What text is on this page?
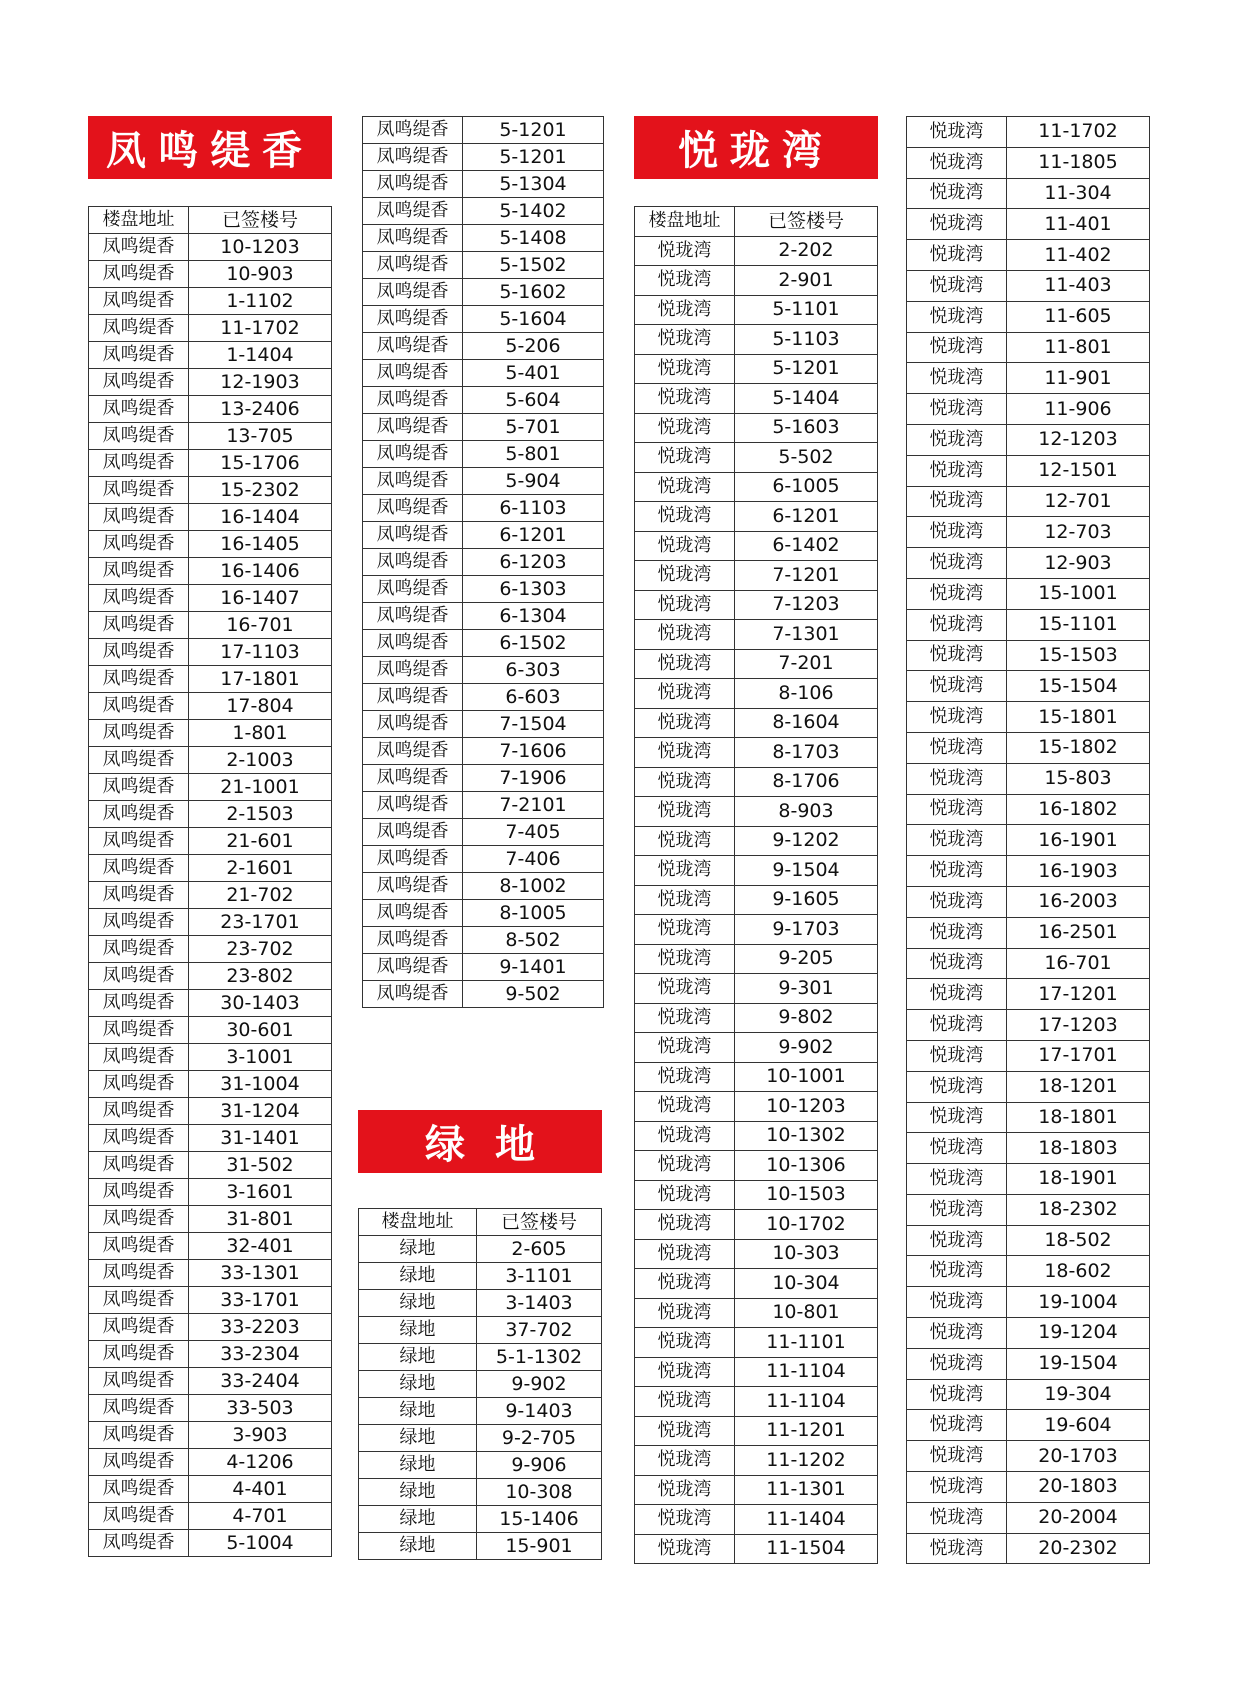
凤鸣缇香	悦珑湾
绿地
楼盘地址	已签楼号
凤鸣缇香	10-1203
凤鸣缇香	10-903
凤鸣缇香	1-1102
凤鸣缇香	11-1702
凤鸣缇香	1-1404
凤鸣缇香	12-1903
凤鸣缇香	13-2406
凤鸣缇香	13-705
凤鸣缇香	15-1706
凤鸣缇香	15-2302
凤鸣缇香	16-1404
凤鸣缇香	16-1405
凤鸣缇香	16-1406
凤鸣缇香	16-1407
凤鸣缇香	16-701
凤鸣缇香	17-1103
凤鸣缇香	17-1801
凤鸣缇香	17-804
凤鸣缇香	1-801
凤鸣缇香	2-1003
凤鸣缇香	21-1001
凤鸣缇香	2-1503
凤鸣缇香	21-601
凤鸣缇香	2-1601
凤鸣缇香	21-702
凤鸣缇香	23-1701
凤鸣缇香	23-702
凤鸣缇香	23-802
凤鸣缇香	30-1403
凤鸣缇香	30-601
凤鸣缇香	3-1001
凤鸣缇香	31-1004
凤鸣缇香	31-1204
凤鸣缇香	31-1401
凤鸣缇香	31-502
凤鸣缇香	3-1601
凤鸣缇香	31-801
凤鸣缇香	32-401
凤鸣缇香	33-1301
凤鸣缇香	33-1701
凤鸣缇香	33-2203
凤鸣缇香	33-2304
凤鸣缇香	33-2404
凤鸣缇香	33-503
凤鸣缇香	3-903
凤鸣缇香	4-1206
凤鸣缇香	4-401
凤鸣缇香	4-701
凤鸣缇香	5-1004
凤鸣缇香	5-1201
凤鸣缇香	5-1201
凤鸣缇香	5-1304
凤鸣缇香	5-1402
凤鸣缇香	5-1408
凤鸣缇香	5-1502
凤鸣缇香	5-1602
凤鸣缇香	5-1604
凤鸣缇香	5-206
凤鸣缇香	5-401
凤鸣缇香	5-604
凤鸣缇香	5-701
凤鸣缇香	5-801
凤鸣缇香	5-904
凤鸣缇香	6-1103
凤鸣缇香	6-1201
凤鸣缇香	6-1203
凤鸣缇香	6-1303
凤鸣缇香	6-1304
凤鸣缇香	6-1502
凤鸣缇香	6-303
凤鸣缇香	6-603
凤鸣缇香	7-1504
凤鸣缇香	7-1606
凤鸣缇香	7-1906
凤鸣缇香	7-2101
凤鸣缇香	7-405
凤鸣缇香	7-406
凤鸣缇香	8-1002
凤鸣缇香	8-1005
凤鸣缇香	8-502
凤鸣缇香	9-1401
凤鸣缇香	9-502
楼盘地址	已签楼号
绿地	2-605
绿地	3-1101
绿地	3-1403
绿地	37-702
绿地	5-1-1302
绿地	9-902
绿地	9-1403
绿地	9-2-705
绿地	9-906
绿地	10-308
绿地	15-1406
绿地	15-901
楼盘地址	已签楼号
悦珑湾	2-202
悦珑湾	2-901
悦珑湾	5-1101
悦珑湾	5-1103
悦珑湾	5-1201
悦珑湾	5-1404
悦珑湾	5-1603
悦珑湾	5-502
悦珑湾	6-1005
悦珑湾	6-1201
悦珑湾	6-1402
悦珑湾	7-1201
悦珑湾	7-1203
悦珑湾	7-1301
悦珑湾	7-201
悦珑湾	8-106
悦珑湾	8-1604
悦珑湾	8-1703
悦珑湾	8-1706
悦珑湾	8-903
悦珑湾	9-1202
悦珑湾	9-1504
悦珑湾	9-1605
悦珑湾	9-1703
悦珑湾	9-205
悦珑湾	9-301
悦珑湾	9-802
悦珑湾	9-902
悦珑湾	10-1001
悦珑湾	10-1203
悦珑湾	10-1302
悦珑湾	10-1306
悦珑湾	10-1503
悦珑湾	10-1702
悦珑湾	10-303
悦珑湾	10-304
悦珑湾	10-801
悦珑湾	11-1101
悦珑湾	11-1104
悦珑湾	11-1104
悦珑湾	11-1201
悦珑湾	11-1202
悦珑湾	11-1301
悦珑湾	11-1404
悦珑湾	11-1504
悦珑湾	11-1702
悦珑湾	11-1805
悦珑湾	11-304
悦珑湾	11-401
悦珑湾	11-402
悦珑湾	11-403
悦珑湾	11-605
悦珑湾	11-801
悦珑湾	11-901
悦珑湾	11-906
悦珑湾	12-1203
悦珑湾	12-1501
悦珑湾	12-701
悦珑湾	12-703
悦珑湾	12-903
悦珑湾	15-1001
悦珑湾	15-1101
悦珑湾	15-1503
悦珑湾	15-1504
悦珑湾	15-1801
悦珑湾	15-1802
悦珑湾	15-803
悦珑湾	16-1802
悦珑湾	16-1901
悦珑湾	16-1903
悦珑湾	16-2003
悦珑湾	16-2501
悦珑湾	16-701
悦珑湾	17-1201
悦珑湾	17-1203
悦珑湾	17-1701
悦珑湾	18-1201
悦珑湾	18-1801
悦珑湾	18-1803
悦珑湾	18-1901
悦珑湾	18-2302
悦珑湾	18-502
悦珑湾	18-602
悦珑湾	19-1004
悦珑湾	19-1204
悦珑湾	19-1504
悦珑湾	19-304
悦珑湾	19-604
悦珑湾	20-1703
悦珑湾	20-1803
悦珑湾	20-2004
悦珑湾	20-2302
